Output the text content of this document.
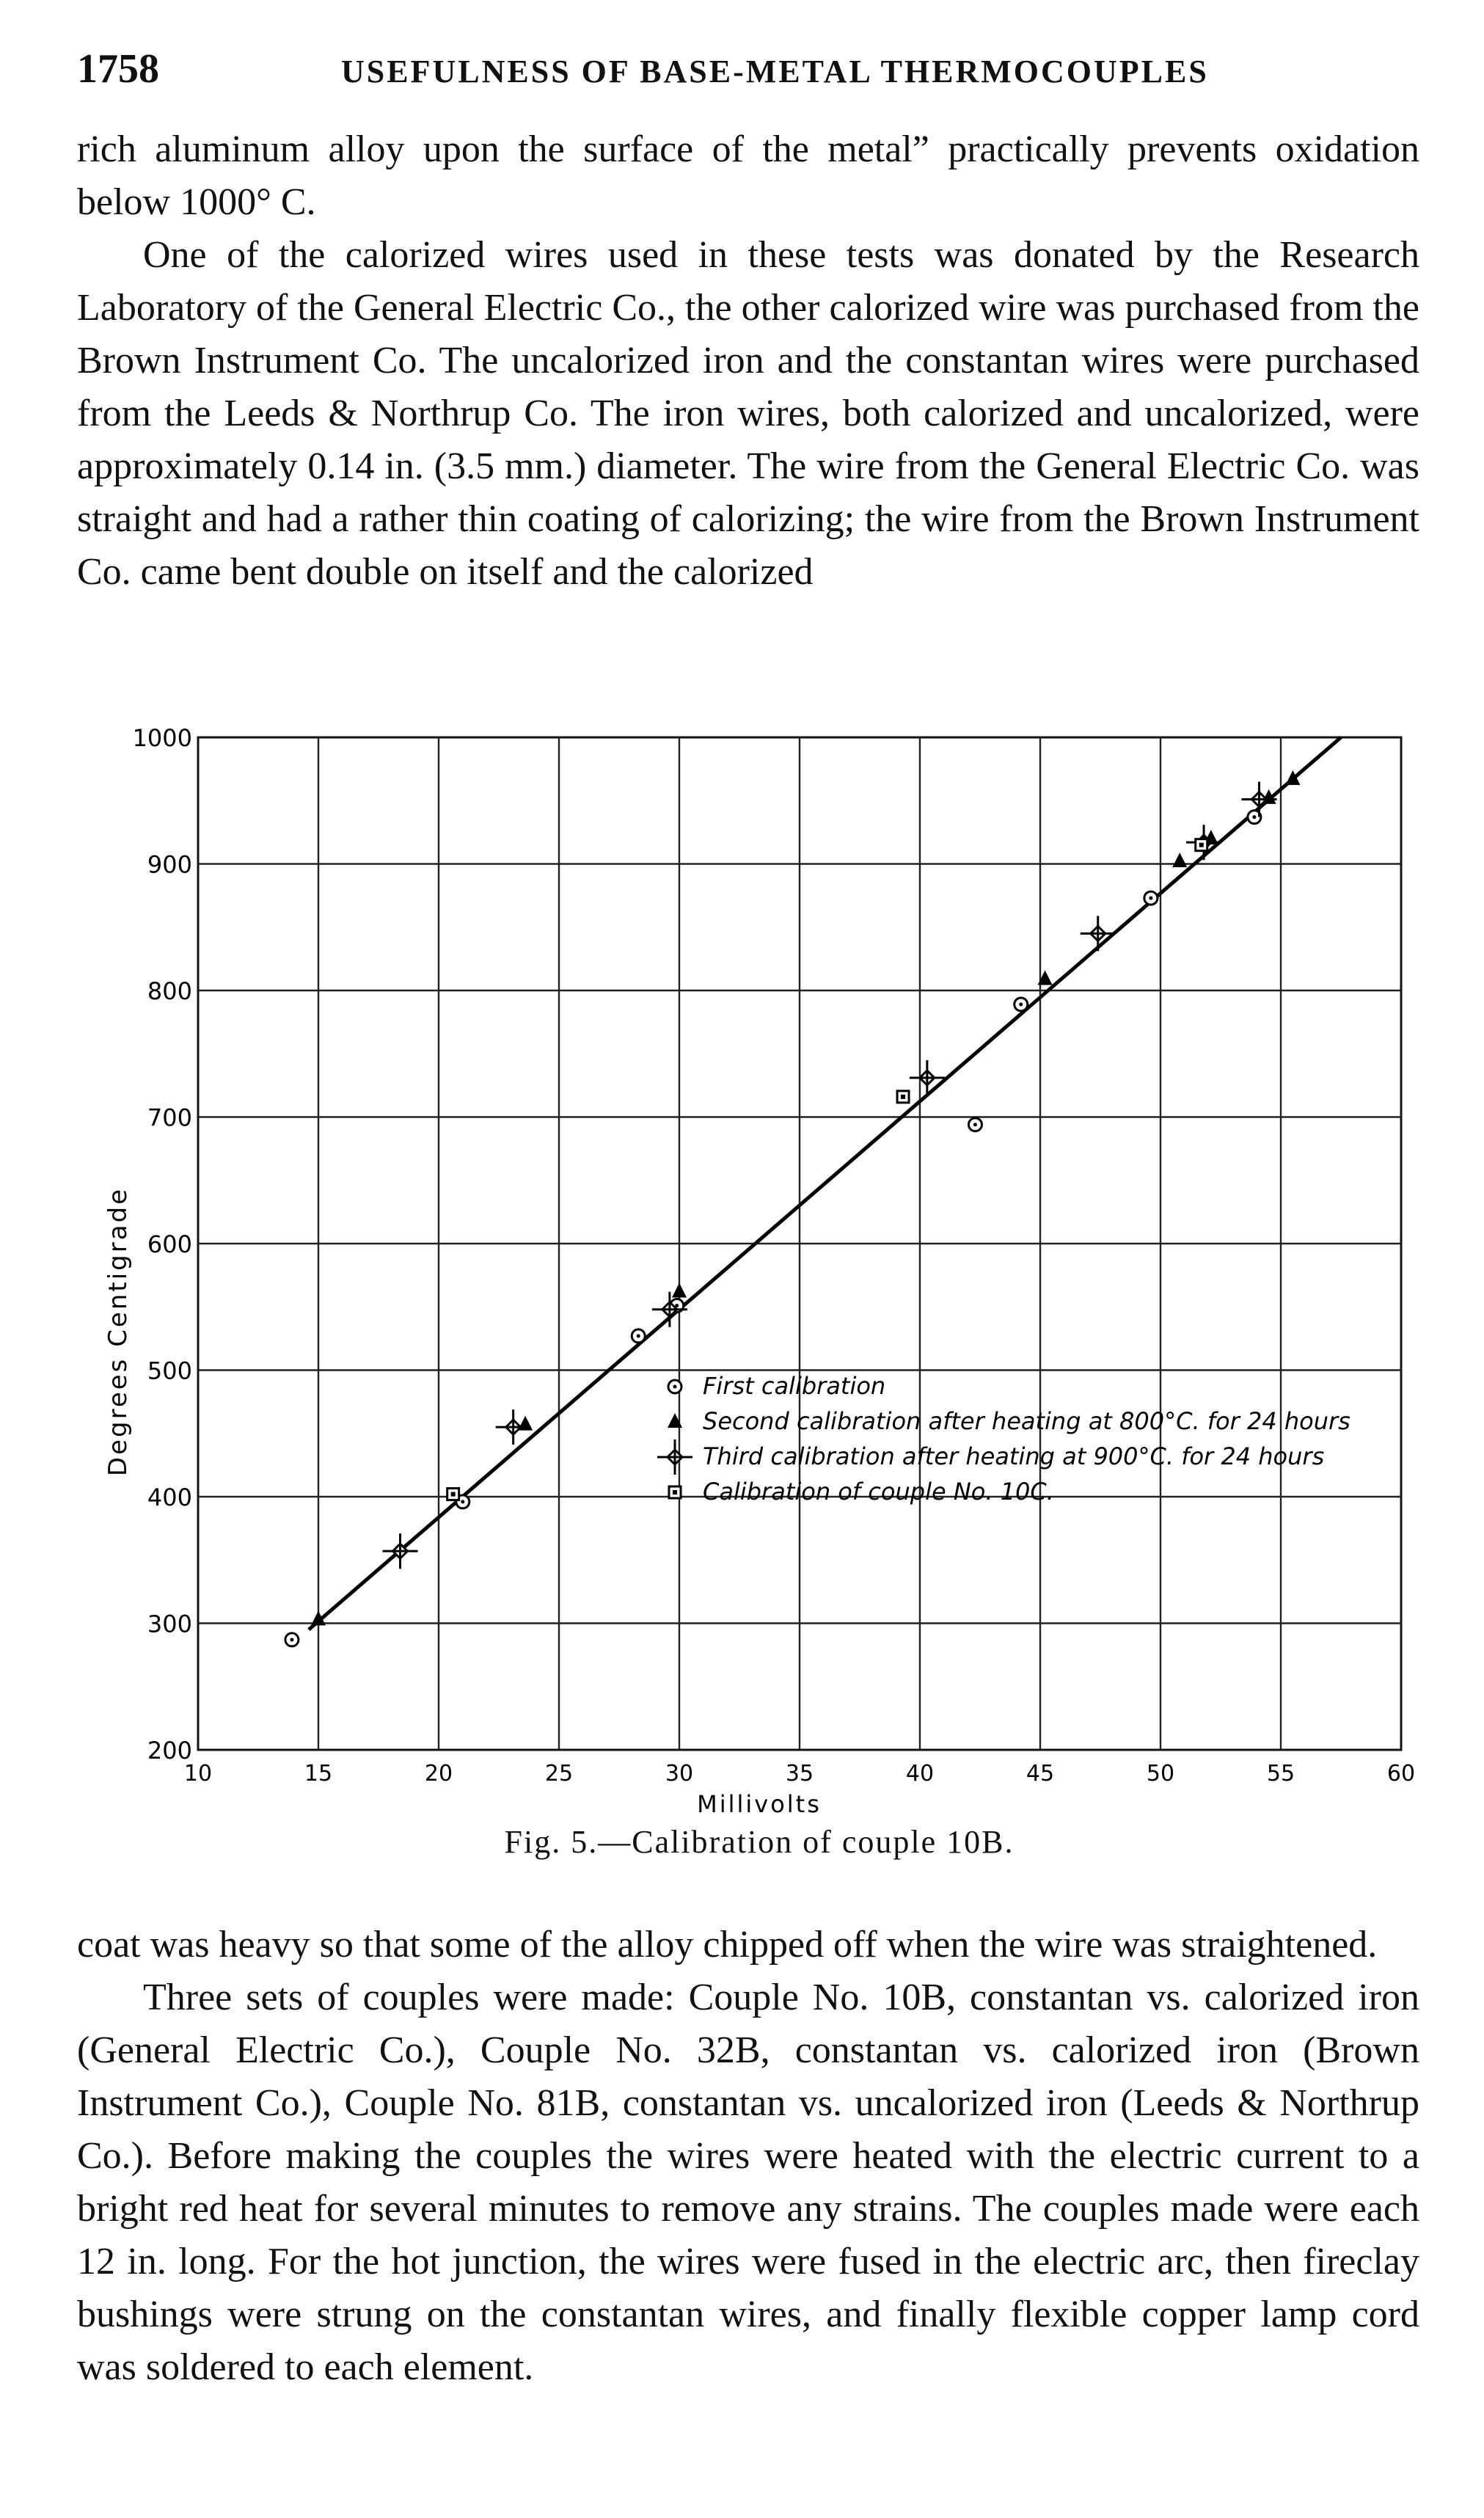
1758	USEFULNESS OF BASE-METAL THERMOCOUPLES

rich aluminum alloy upon the surface of the metal” practically prevents oxidation below 1000° C.

One of the calorized wires used in these tests was donated by the Research Laboratory of the General Electric Co., the other calorized wire was purchased from the Brown Instrument Co. The uncalorized iron and the constantan wires were purchased from the Leeds & Northrup Co. The iron wires, both calorized and uncalorized, were approximately 0.14 in. (3.5 mm.) diameter. The wire from the General Electric Co. was straight and had a rather thin coating of calorizing; the wire from the Brown Instrument Co. came bent double on itself and the calorized

200
300
400
500
600
700
800
900
1000
10	15	20	25	30	35	40	45	50	55	60
Degrees Centigrade
Millivolts
First calibration
Second calibration after heating at 800°C. for 24 hours
Third calibration after heating at 900°C. for 24 hours
Calibration of couple No. 10C.
Fig. 5.—Calibration of couple 10B.

coat was heavy so that some of the alloy chipped off when the wire was straightened.

Three sets of couples were made: Couple No. 10B, constantan vs. calorized iron (General Electric Co.), Couple No. 32B, constantan vs. calorized iron (Brown Instrument Co.), Couple No. 81B, constantan vs. uncalorized iron (Leeds & Northrup Co.). Before making the couples the wires were heated with the electric current to a bright red heat for several minutes to remove any strains. The couples made were each 12 in. long. For the hot junction, the wires were fused in the electric arc, then fireclay bushings were strung on the constantan wires, and finally flexible copper lamp cord was soldered to each element.
